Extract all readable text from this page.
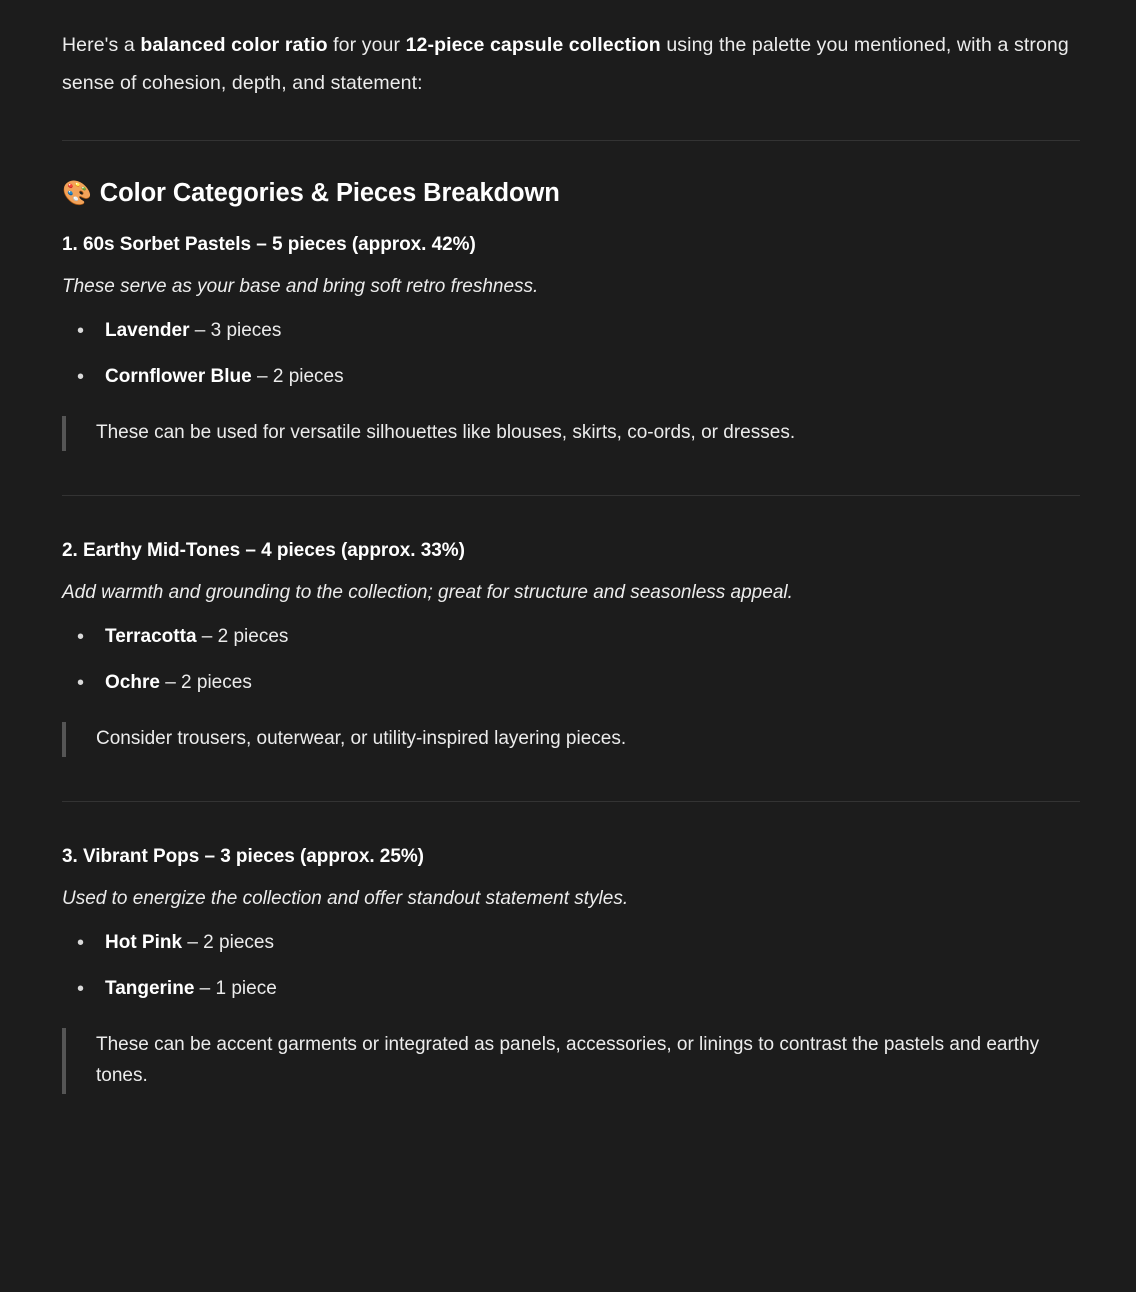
Here's a balanced color ratio for your 12-piece capsule collection using the palette you mentioned, with a strong sense of cohesion, depth, and statement:

🎨 Color Categories & Pieces Breakdown
1. 60s Sorbet Pastels – 5 pieces (approx. 42%)

These serve as your base and bring soft retro freshness.

• Lavender – 3 pieces
• Cornflower Blue – 2 pieces

These can be used for versatile silhouettes like blouses, skirts, co-ords, or dresses.

2. Earthy Mid-Tones – 4 pieces (approx. 33%)

Add warmth and grounding to the collection; great for structure and seasonless appeal.

• Terracotta – 2 pieces
• Ochre – 2 pieces

Consider trousers, outerwear, or utility-inspired layering pieces.

3. Vibrant Pops – 3 pieces (approx. 25%)

Used to energize the collection and offer standout statement styles.

• Hot Pink – 2 pieces
• Tangerine – 1 piece

These can be accent garments or integrated as panels, accessories, or linings to contrast the pastels and earthy tones.
